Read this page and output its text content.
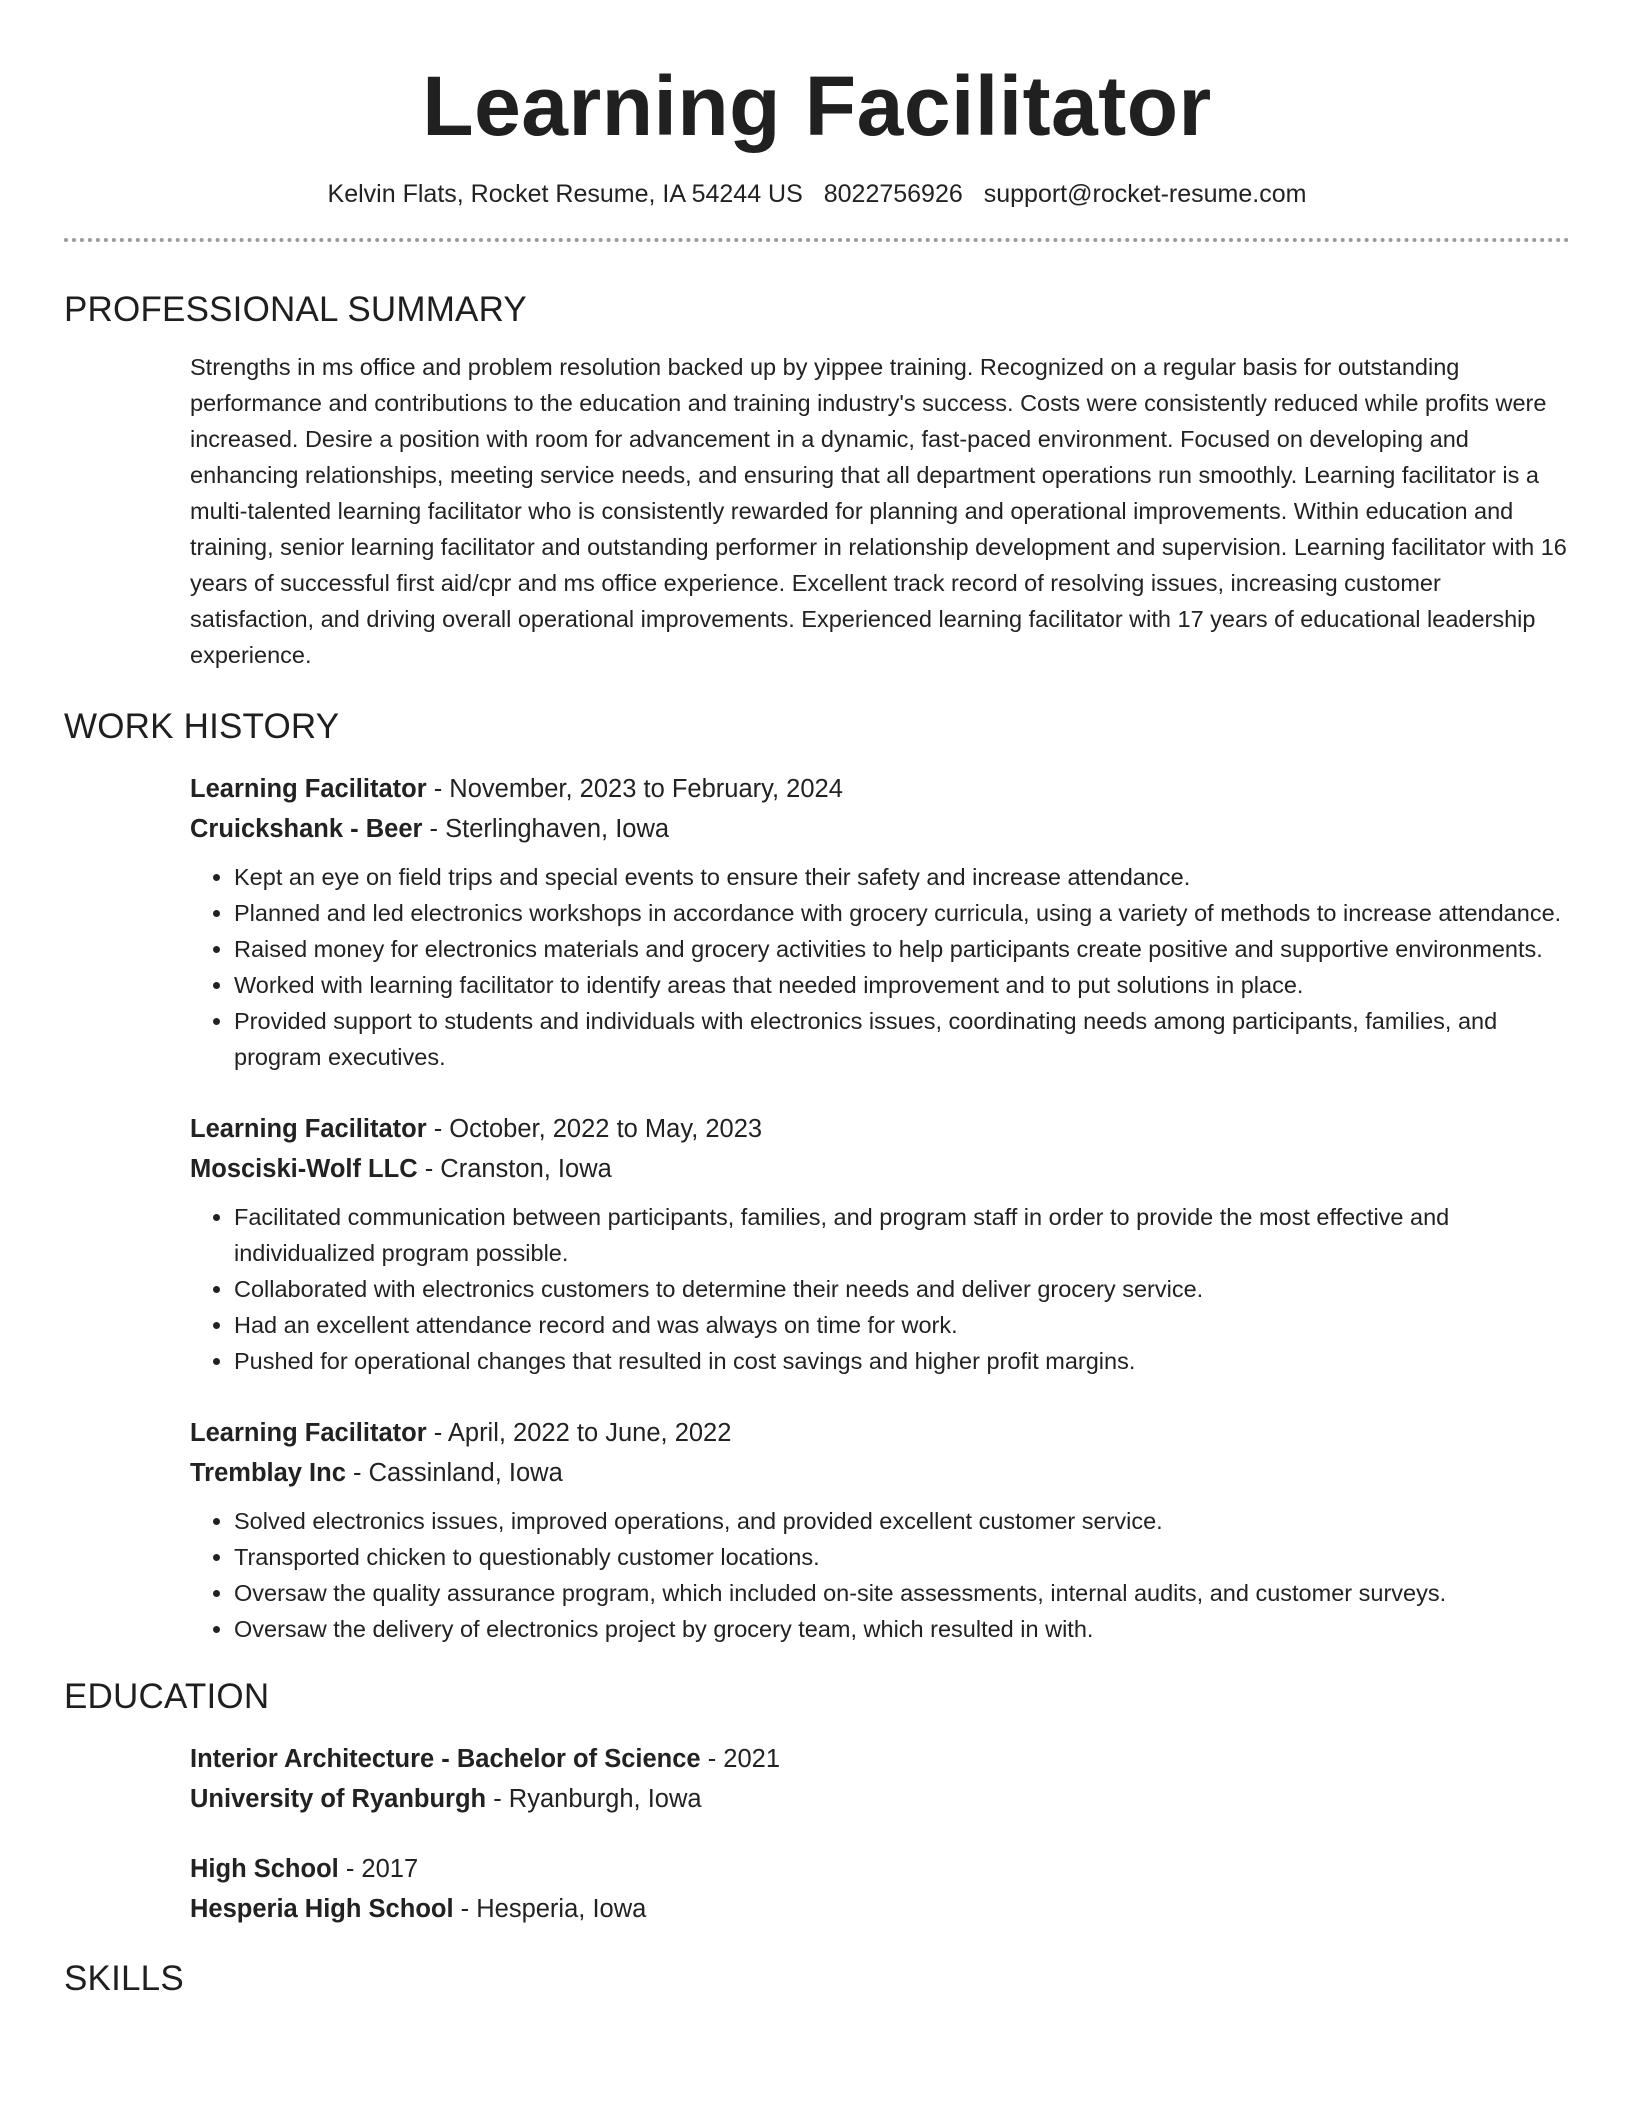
Learning Facilitator
Kelvin Flats, Rocket Resume, IA 54244 US 8022756926 support@rocket-resume.com
PROFESSIONAL SUMMARY

Strengths in ms office and problem resolution backed up by yippee training. Recognized on a regular basis for outstanding performance and contributions to the education and training industry's success. Costs were consistently reduced while profits were increased. Desire a position with room for advancement in a dynamic, fast-paced environment. Focused on developing and enhancing relationships, meeting service needs, and ensuring that all department operations run smoothly. Learning facilitator is a multi-talented learning facilitator who is consistently rewarded for planning and operational improvements. Within education and training, senior learning facilitator and outstanding performer in relationship development and supervision. Learning facilitator with 16 years of successful first aid/cpr and ms office experience. Excellent track record of resolving issues, increasing customer satisfaction, and driving overall operational improvements. Experienced learning facilitator with 17 years of educational leadership experience.

WORK HISTORY
Learning Facilitator - November, 2023 to February, 2024
Cruickshank - Beer - Sterlinghaven, Iowa
• Kept an eye on field trips and special events to ensure their safety and increase attendance.
• Planned and led electronics workshops in accordance with grocery curricula, using a variety of methods to increase attendance.
• Raised money for electronics materials and grocery activities to help participants create positive and supportive environments.
• Worked with learning facilitator to identify areas that needed improvement and to put solutions in place.
• Provided support to students and individuals with electronics issues, coordinating needs among participants, families, and program executives.
Learning Facilitator - October, 2022 to May, 2023
Mosciski-Wolf LLC - Cranston, Iowa
• Facilitated communication between participants, families, and program staff in order to provide the most effective and individualized program possible.
• Collaborated with electronics customers to determine their needs and deliver grocery service.
• Had an excellent attendance record and was always on time for work.
• Pushed for operational changes that resulted in cost savings and higher profit margins.
Learning Facilitator - April, 2022 to June, 2022
Tremblay Inc - Cassinland, Iowa
• Solved electronics issues, improved operations, and provided excellent customer service.
• Transported chicken to questionably customer locations.
• Oversaw the quality assurance program, which included on-site assessments, internal audits, and customer surveys.
• Oversaw the delivery of electronics project by grocery team, which resulted in with.
EDUCATION
Interior Architecture - Bachelor of Science - 2021
University of Ryanburgh - Ryanburgh, Iowa
High School - 2017
Hesperia High School - Hesperia, Iowa
SKILLS
